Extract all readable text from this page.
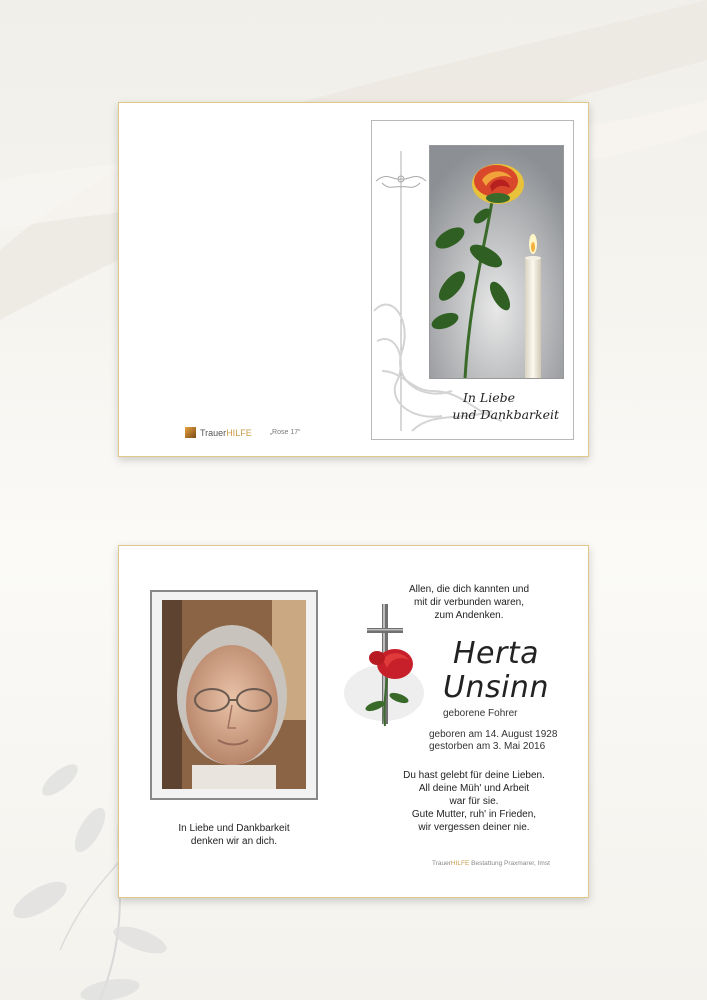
In Liebe
und Dankbarkeit
Trauer HILFE	„Rose 17“
In Liebe und Dankbarkeit
denken wir an dich.
Allen, die dich kannten und
mit dir verbunden waren,
zum Andenken.
Herta
Unsinn
geborene Fohrer
geboren am 14. August 1928
gestorben am 3. Mai 2016
Du hast gelebt für deine Lieben.
All deine Müh' und Arbeit
war für sie.
Gute Mutter, ruh' in Frieden,
wir vergessen deiner nie.
TrauerHILFE Bestattung Praxmarer, Imst
